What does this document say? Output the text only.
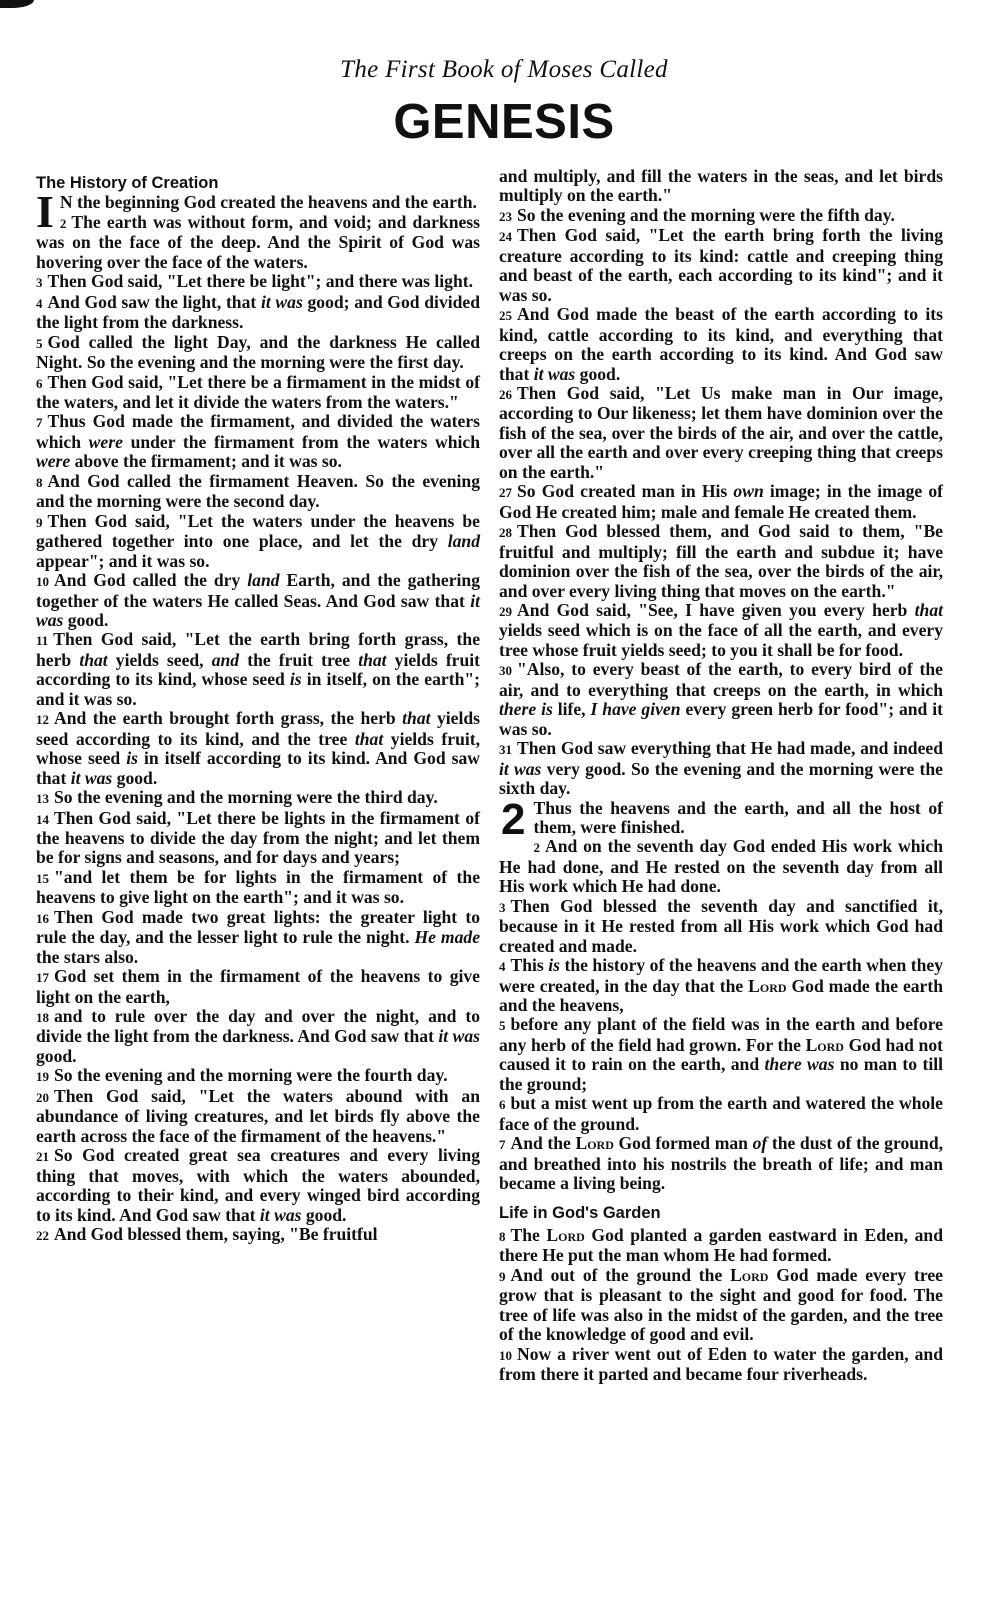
The First Book of Moses Called
GENESIS
The History of Creation

I N the beginning God created the heavens and the earth.

2 The earth was without form, and void; and darkness was on the face of the deep. And the Spirit of God was hovering over the face of the waters.

3 Then God said, "Let there be light"; and there was light.

4 And God saw the light, that it was good; and God divided the light from the darkness.

5 God called the light Day, and the darkness He called Night. So the evening and the morning were the first day.

6 Then God said, "Let there be a firmament in the midst of the waters, and let it divide the waters from the waters."

7 Thus God made the firmament, and divided the waters which were under the firmament from the waters which were above the firmament; and it was so.

8 And God called the firmament Heaven. So the evening and the morning were the second day.

9 Then God said, "Let the waters under the heavens be gathered together into one place, and let the dry land appear"; and it was so.

10 And God called the dry land Earth, and the gathering together of the waters He called Seas. And God saw that it was good.

11 Then God said, "Let the earth bring forth grass, the herb that yields seed, and the fruit tree that yields fruit according to its kind, whose seed is in itself, on the earth"; and it was so.

12 And the earth brought forth grass, the herb that yields seed according to its kind, and the tree that yields fruit, whose seed is in itself according to its kind. And God saw that it was good.

13 So the evening and the morning were the third day.

14 Then God said, "Let there be lights in the firmament of the heavens to divide the day from the night; and let them be for signs and seasons, and for days and years;

15 "and let them be for lights in the firmament of the heavens to give light on the earth"; and it was so.

16 Then God made two great lights: the greater light to rule the day, and the lesser light to rule the night. He made the stars also.

17 God set them in the firmament of the heavens to give light on the earth,

18 and to rule over the day and over the night, and to divide the light from the darkness. And God saw that it was good.

19 So the evening and the morning were the fourth day.

20 Then God said, "Let the waters abound with an abundance of living creatures, and let birds fly above the earth across the face of the firmament of the heavens."

21 So God created great sea creatures and every living thing that moves, with which the waters abounded, according to their kind, and every winged bird according to its kind. And God saw that it was good.

22 And God blessed them, saying, "Be fruitful

and multiply, and fill the waters in the seas, and let birds multiply on the earth."

23 So the evening and the morning were the fifth day.

24 Then God said, "Let the earth bring forth the living creature according to its kind: cattle and creeping thing and beast of the earth, each according to its kind"; and it was so.

25 And God made the beast of the earth according to its kind, cattle according to its kind, and everything that creeps on the earth according to its kind. And God saw that it was good.

26 Then God said, "Let Us make man in Our image, according to Our likeness; let them have dominion over the fish of the sea, over the birds of the air, and over the cattle, over all the earth and over every creeping thing that creeps on the earth."

27 So God created man in His own image; in the image of God He created him; male and female He created them.

28 Then God blessed them, and God said to them, "Be fruitful and multiply; fill the earth and subdue it; have dominion over the fish of the sea, over the birds of the air, and over every living thing that moves on the earth."

29 And God said, "See, I have given you every herb that yields seed which is on the face of all the earth, and every tree whose fruit yields seed; to you it shall be for food.

30 "Also, to every beast of the earth, to every bird of the air, and to everything that creeps on the earth, in which there is life, I have given every green herb for food"; and it was so.

31 Then God saw everything that He had made, and indeed it was very good. So the evening and the morning were the sixth day.

2 Thus the heavens and the earth, and all the host of them, were finished.

2 And on the seventh day God ended His work which He had done, and He rested on the seventh day from all His work which He had done.

3 Then God blessed the seventh day and sanctified it, because in it He rested from all His work which God had created and made.

4 This is the history of the heavens and the earth when they were created, in the day that the Lord God made the earth and the heavens,

5 before any plant of the field was in the earth and before any herb of the field had grown. For the Lord God had not caused it to rain on the earth, and there was no man to till the ground;

6 but a mist went up from the earth and watered the whole face of the ground.

7 And the Lord God formed man of the dust of the ground, and breathed into his nostrils the breath of life; and man became a living being.

Life in God's Garden

8 The Lord God planted a garden eastward in Eden, and there He put the man whom He had formed.

9 And out of the ground the Lord God made every tree grow that is pleasant to the sight and good for food. The tree of life was also in the midst of the garden, and the tree of the knowledge of good and evil.

10 Now a river went out of Eden to water the garden, and from there it parted and became four riverheads.
